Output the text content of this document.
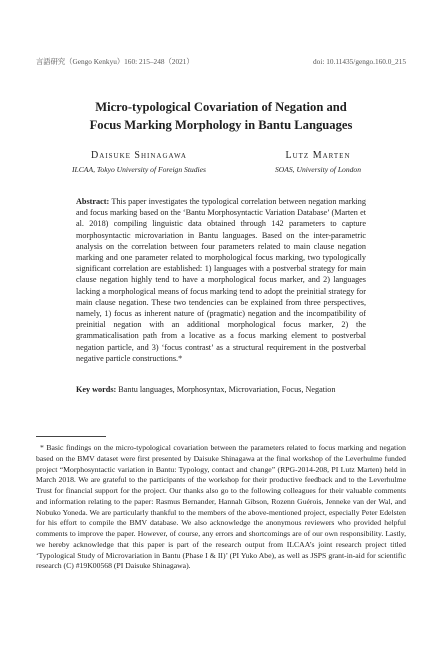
言語研究（Gengo Kenkyu）160: 215–248（2021）	doi: 10.11435/gengo.160.0_215
Micro-typological Covariation of Negation and
Focus Marking Morphology in Bantu Languages
Daisuke Shinagawa
ILCAA, Tokyo University of Foreign Studies
Lutz Marten
SOAS, University of London
Abstract: This paper investigates the typological correlation between negation marking and focus marking based on the ‘Bantu Morphosyntactic Variation Database’ (Marten et al. 2018) compiling linguistic data obtained through 142 parameters to capture morphosyntactic microvariation in Bantu languages. Based on the inter-parametric analysis on the correlation between four parameters related to main clause negation marking and one parameter related to morphological focus marking, two typologically significant correlation are established: 1) languages with a postverbal strategy for main clause negation highly tend to have a morphological focus marker, and 2) languages lacking a morphological means of focus marking tend to adopt the preinitial strategy for main clause negation. These two tendencies can be explained from three perspectives, namely, 1) focus as inherent nature of (pragmatic) negation and the incompatibility of preinitial negation with an additional morphological focus marker, 2) the grammaticalisation path from a locative as a focus marking element to postverbal negation particle, and 3) ‘focus contrast’ as a structural requirement in the postverbal negative particle constructions.*
Key words: Bantu languages, Morphosyntax, Microvariation, Focus, Negation
* Basic findings on the micro-typological covariation between the parameters related to focus marking and negation based on the BMV dataset were first presented by Daisuke Shinagawa at the final workshop of the Leverhulme funded project “Morphosyntactic variation in Bantu: Typology, contact and change” (RPG-2014-208, PI Lutz Marten) held in March 2018. We are grateful to the participants of the workshop for their productive feedback and to the Leverhulme Trust for financial support for the project. Our thanks also go to the following colleagues for their valuable comments and information relating to the paper: Rasmus Bernander, Hannah Gibson, Rozenn Guérois, Jenneke van der Wal, and Nobuko Yoneda. We are particularly thankful to the members of the above-mentioned project, especially Peter Edelsten for his effort to compile the BMV database. We also acknowledge the anonymous reviewers who provided helpful comments to improve the paper. However, of course, any errors and shortcomings are of our own responsibility. Lastly, we hereby acknowledge that this paper is part of the research output from ILCAA’s joint research project titled ‘Typological Study of Microvariation in Bantu (Phase I & II)’ (PI Yuko Abe), as well as JSPS grant-in-aid for scientific research (C) #19K00568 (PI Daisuke Shinagawa).
